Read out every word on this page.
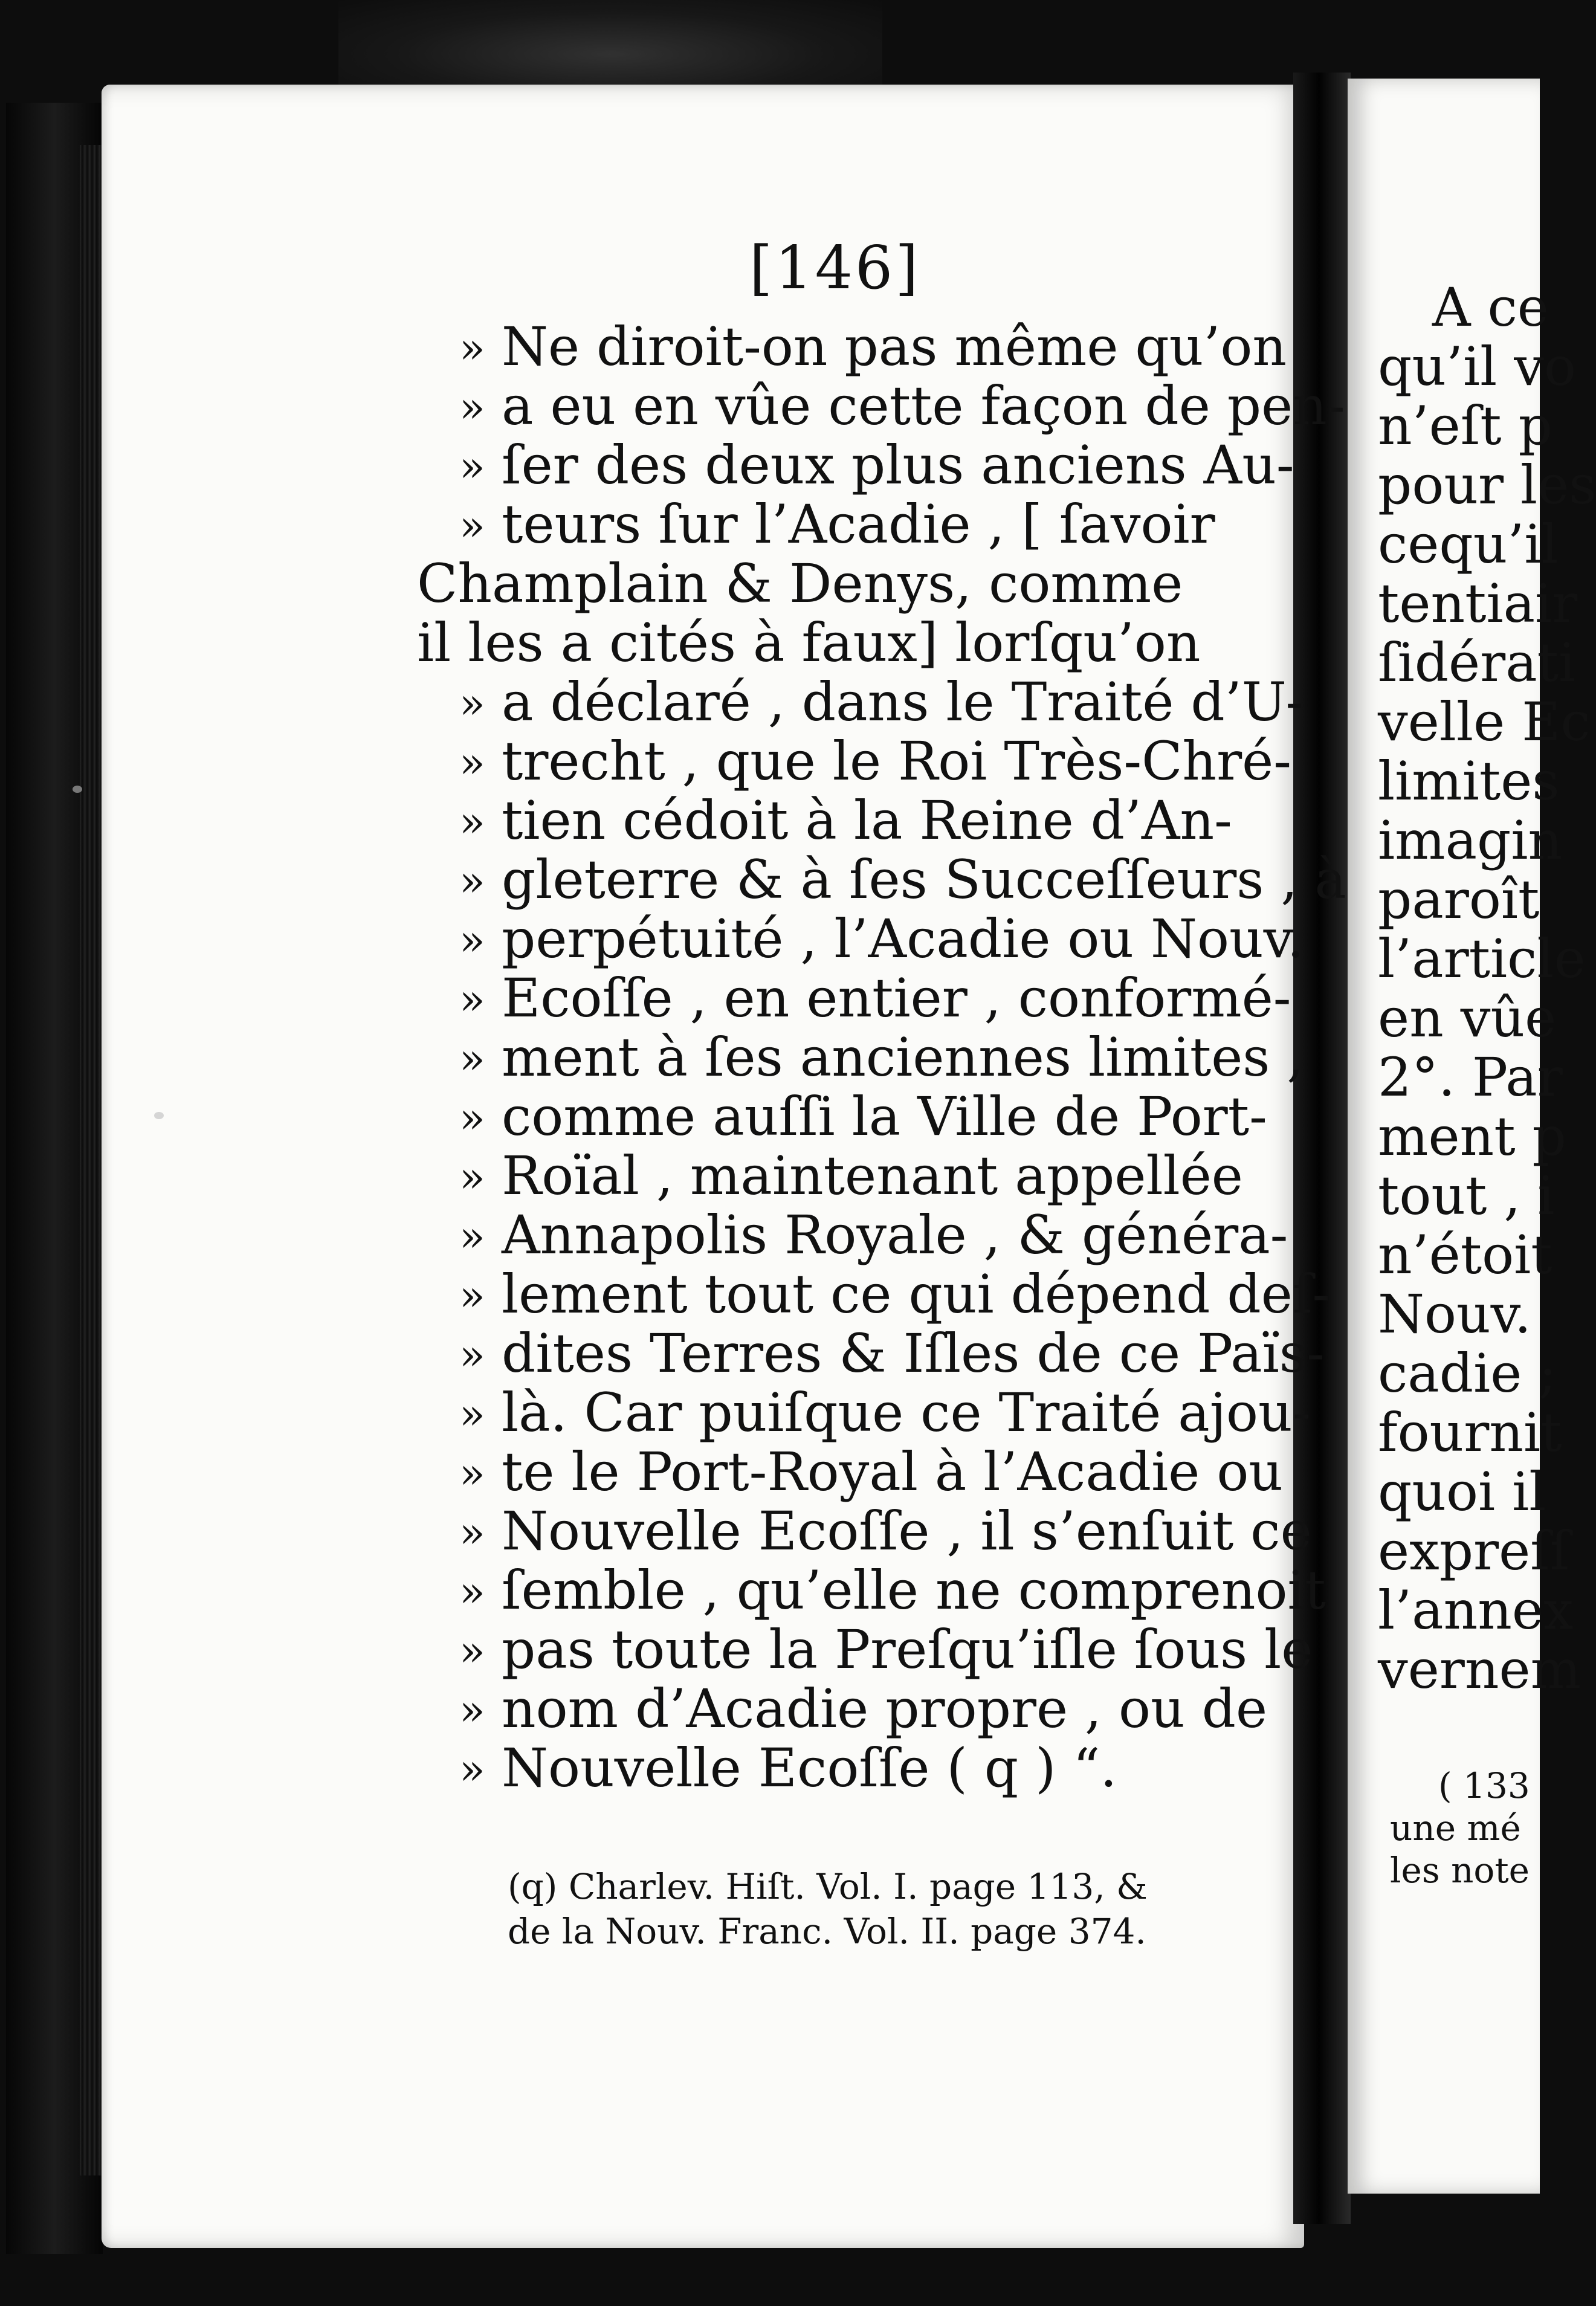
[146]
» Ne diroit-on pas même qu’on
» a eu en vûe cette façon de pen-
» ſer des deux plus anciens Au-
» teurs ſur l’Acadie , [ ſavoir
Champlain & Denys, comme
il les a cités à faux] lorſqu’on
» a déclaré , dans le Traité d’U-
» trecht , que le Roi Très-Chré-
» tien cédoit à la Reine d’An-
» gleterre & à ſes Succeſſeurs , à
» perpétuité , l’Acadie ou Nouv.
» Ecoſſe , en entier , conformé-
» ment à ſes anciennes limites ,
» comme auſſi la Ville de Port-
» Roïal , maintenant appellée
» Annapolis Royale , & généra-
» lement tout ce qui dépend deſ-
» dites Terres & Iſles de ce Païs-
» là. Car puiſque ce Traité ajou-
» te le Port-Royal à l’Acadie ou
» Nouvelle Ecoſſe , il s’enſuit ce
» ſemble , qu’elle ne comprenoit
» pas toute la Preſqu’iſle ſous le
» nom d’Acadie propre , ou de
» Nouvelle Ecoſſe ( q ) “.
(q) Charlev. Hiſt. Vol. I. page 113, &
de la Nouv. Franc. Vol. II. page 374.
A ce
qu’il vo
n’eſt p
pour les
cequ’il
tentiair
ſidérati
velle Ec
limites
imagin
paroît
l’article
en vûe
2°. Par
ment p
tout , i
n’étoit
Nouv.
cadie ;
fournit
quoi il
expreſſ
l’annex
vernem
( 133
une mé
les note
